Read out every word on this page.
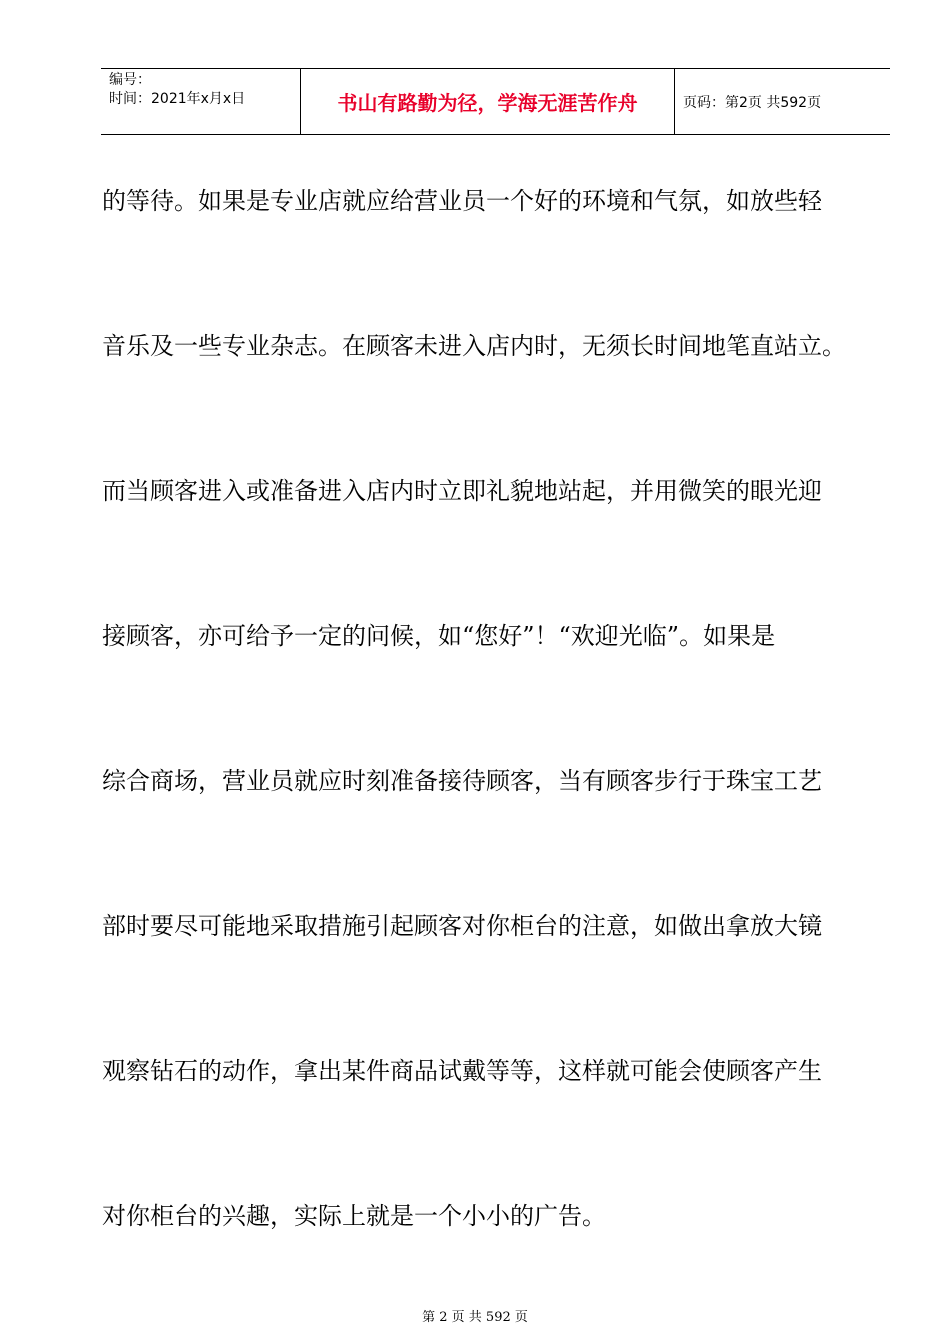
编号：
时间：2021年x月x日	书山有路勤为径，学海无涯苦作舟	页码：第2页 共592页

的等待。如果是专业店就应给营业员一个好的环境和气氛，如放些轻

音乐及一些专业杂志。在顾客未进入店内时，无须长时间地笔直站立。

而当顾客进入或准备进入店内时立即礼貌地站起，并用微笑的眼光迎

接顾客，亦可给予一定的问候，如“您好”！“欢迎光临”。如果是

综合商场，营业员就应时刻准备接待顾客，当有顾客步行于珠宝工艺

部时要尽可能地采取措施引起顾客对你柜台的注意，如做出拿放大镜

观察钻石的动作，拿出某件商品试戴等等，这样就可能会使顾客产生

对你柜台的兴趣，实际上就是一个小小的广告。

第 2 页 共 592 页
